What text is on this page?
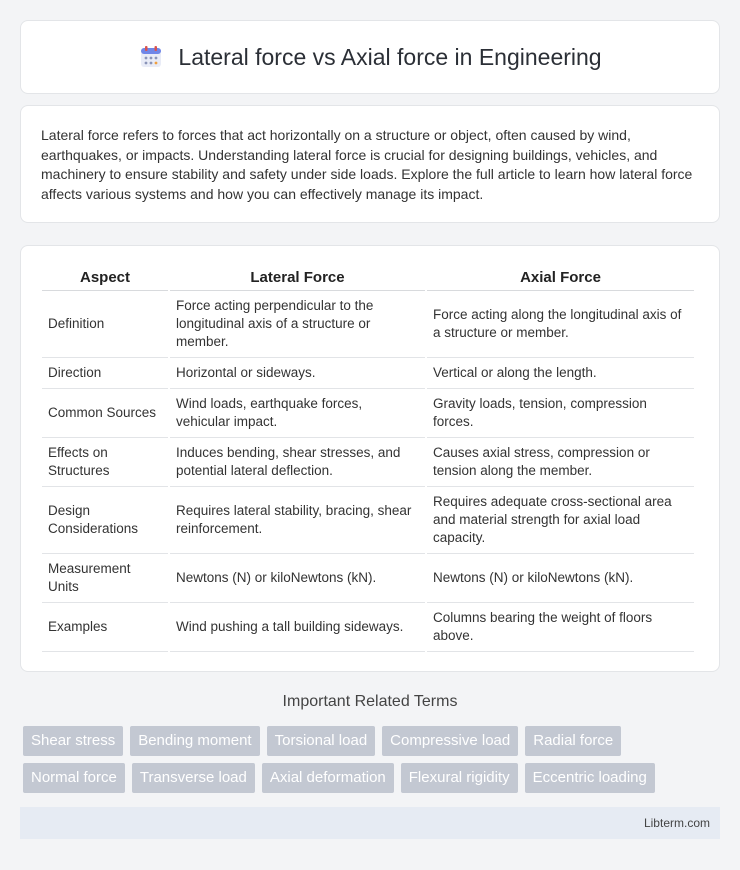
Lateral force vs Axial force in Engineering

Lateral force refers to forces that act horizontally on a structure or object, often caused by wind, earthquakes, or impacts. Understanding lateral force is crucial for designing buildings, vehicles, and machinery to ensure stability and safety under side loads. Explore the full article to learn how lateral force affects various systems and how you can effectively manage its impact.

Aspect	Lateral Force	Axial Force
Definition	Force acting perpendicular to the longitudinal axis of a structure or member.	Force acting along the longitudinal axis of a structure or member.
Direction	Horizontal or sideways.	Vertical or along the length.
Common Sources	Wind loads, earthquake forces, vehicular impact.	Gravity loads, tension, compression forces.
Effects on Structures	Induces bending, shear stresses, and potential lateral deflection.	Causes axial stress, compression or tension along the member.
Design Considerations	Requires lateral stability, bracing, shear reinforcement.	Requires adequate cross-sectional area and material strength for axial load capacity.
Measurement Units	Newtons (N) or kiloNewtons (kN).	Newtons (N) or kiloNewtons (kN).
Examples	Wind pushing a tall building sideways.	Columns bearing the weight of floors above.
Important Related Terms
Shear stress	Bending moment	Torsional load	Compressive load	Radial force
Normal force	Transverse load	Axial deformation	Flexural rigidity	Eccentric loading
Libterm.com
